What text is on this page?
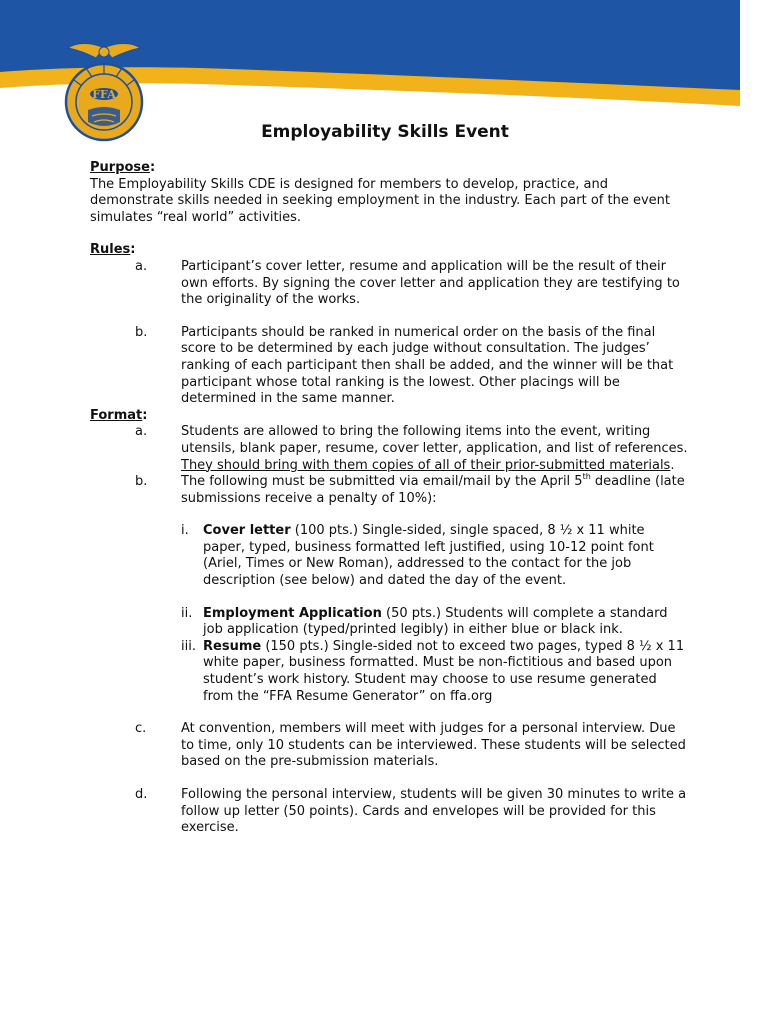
FFA
Employability Skills Event
Purpose:
The Employability Skills CDE is designed for members to develop, practice, and demonstrate skills needed in seeking employment in the industry. Each part of the event simulates “real world” activities.
Rules:
a.	Participant’s cover letter, resume and application will be the result of their own efforts. By signing the cover letter and application they are testifying to the originality of the works.
b.	Participants should be ranked in numerical order on the basis of the final score to be determined by each judge without consultation. The judges’ ranking of each participant then shall be added, and the winner will be that participant whose total ranking is the lowest. Other placings will be determined in the same manner.
Format:
a.	Students are allowed to bring the following items into the event, writing utensils, blank paper, resume, cover letter, application, and list of references. They should bring with them copies of all of their prior-submitted materials.
b.	The following must be submitted via email/mail by the April 5th deadline (late submissions receive a penalty of 10%):
i. Cover letter (100 pts.) Single-sided, single spaced, 8 ½ x 11 white paper, typed, business formatted left justified, using 10-12 point font (Ariel, Times or New Roman), addressed to the contact for the job description (see below) and dated the day of the event.
ii. Employment Application (50 pts.) Students will complete a standard job application (typed/printed legibly) in either blue or black ink.
iii. Resume (150 pts.) Single-sided not to exceed two pages, typed 8 ½ x 11 white paper, business formatted. Must be non-fictitious and based upon student’s work history. Student may choose to use resume generated from the “FFA Resume Generator” on ffa.org
c.	At convention, members will meet with judges for a personal interview. Due to time, only 10 students can be interviewed. These students will be selected based on the pre-submission materials.
d.	Following the personal interview, students will be given 30 minutes to write a follow up letter (50 points). Cards and envelopes will be provided for this exercise.
